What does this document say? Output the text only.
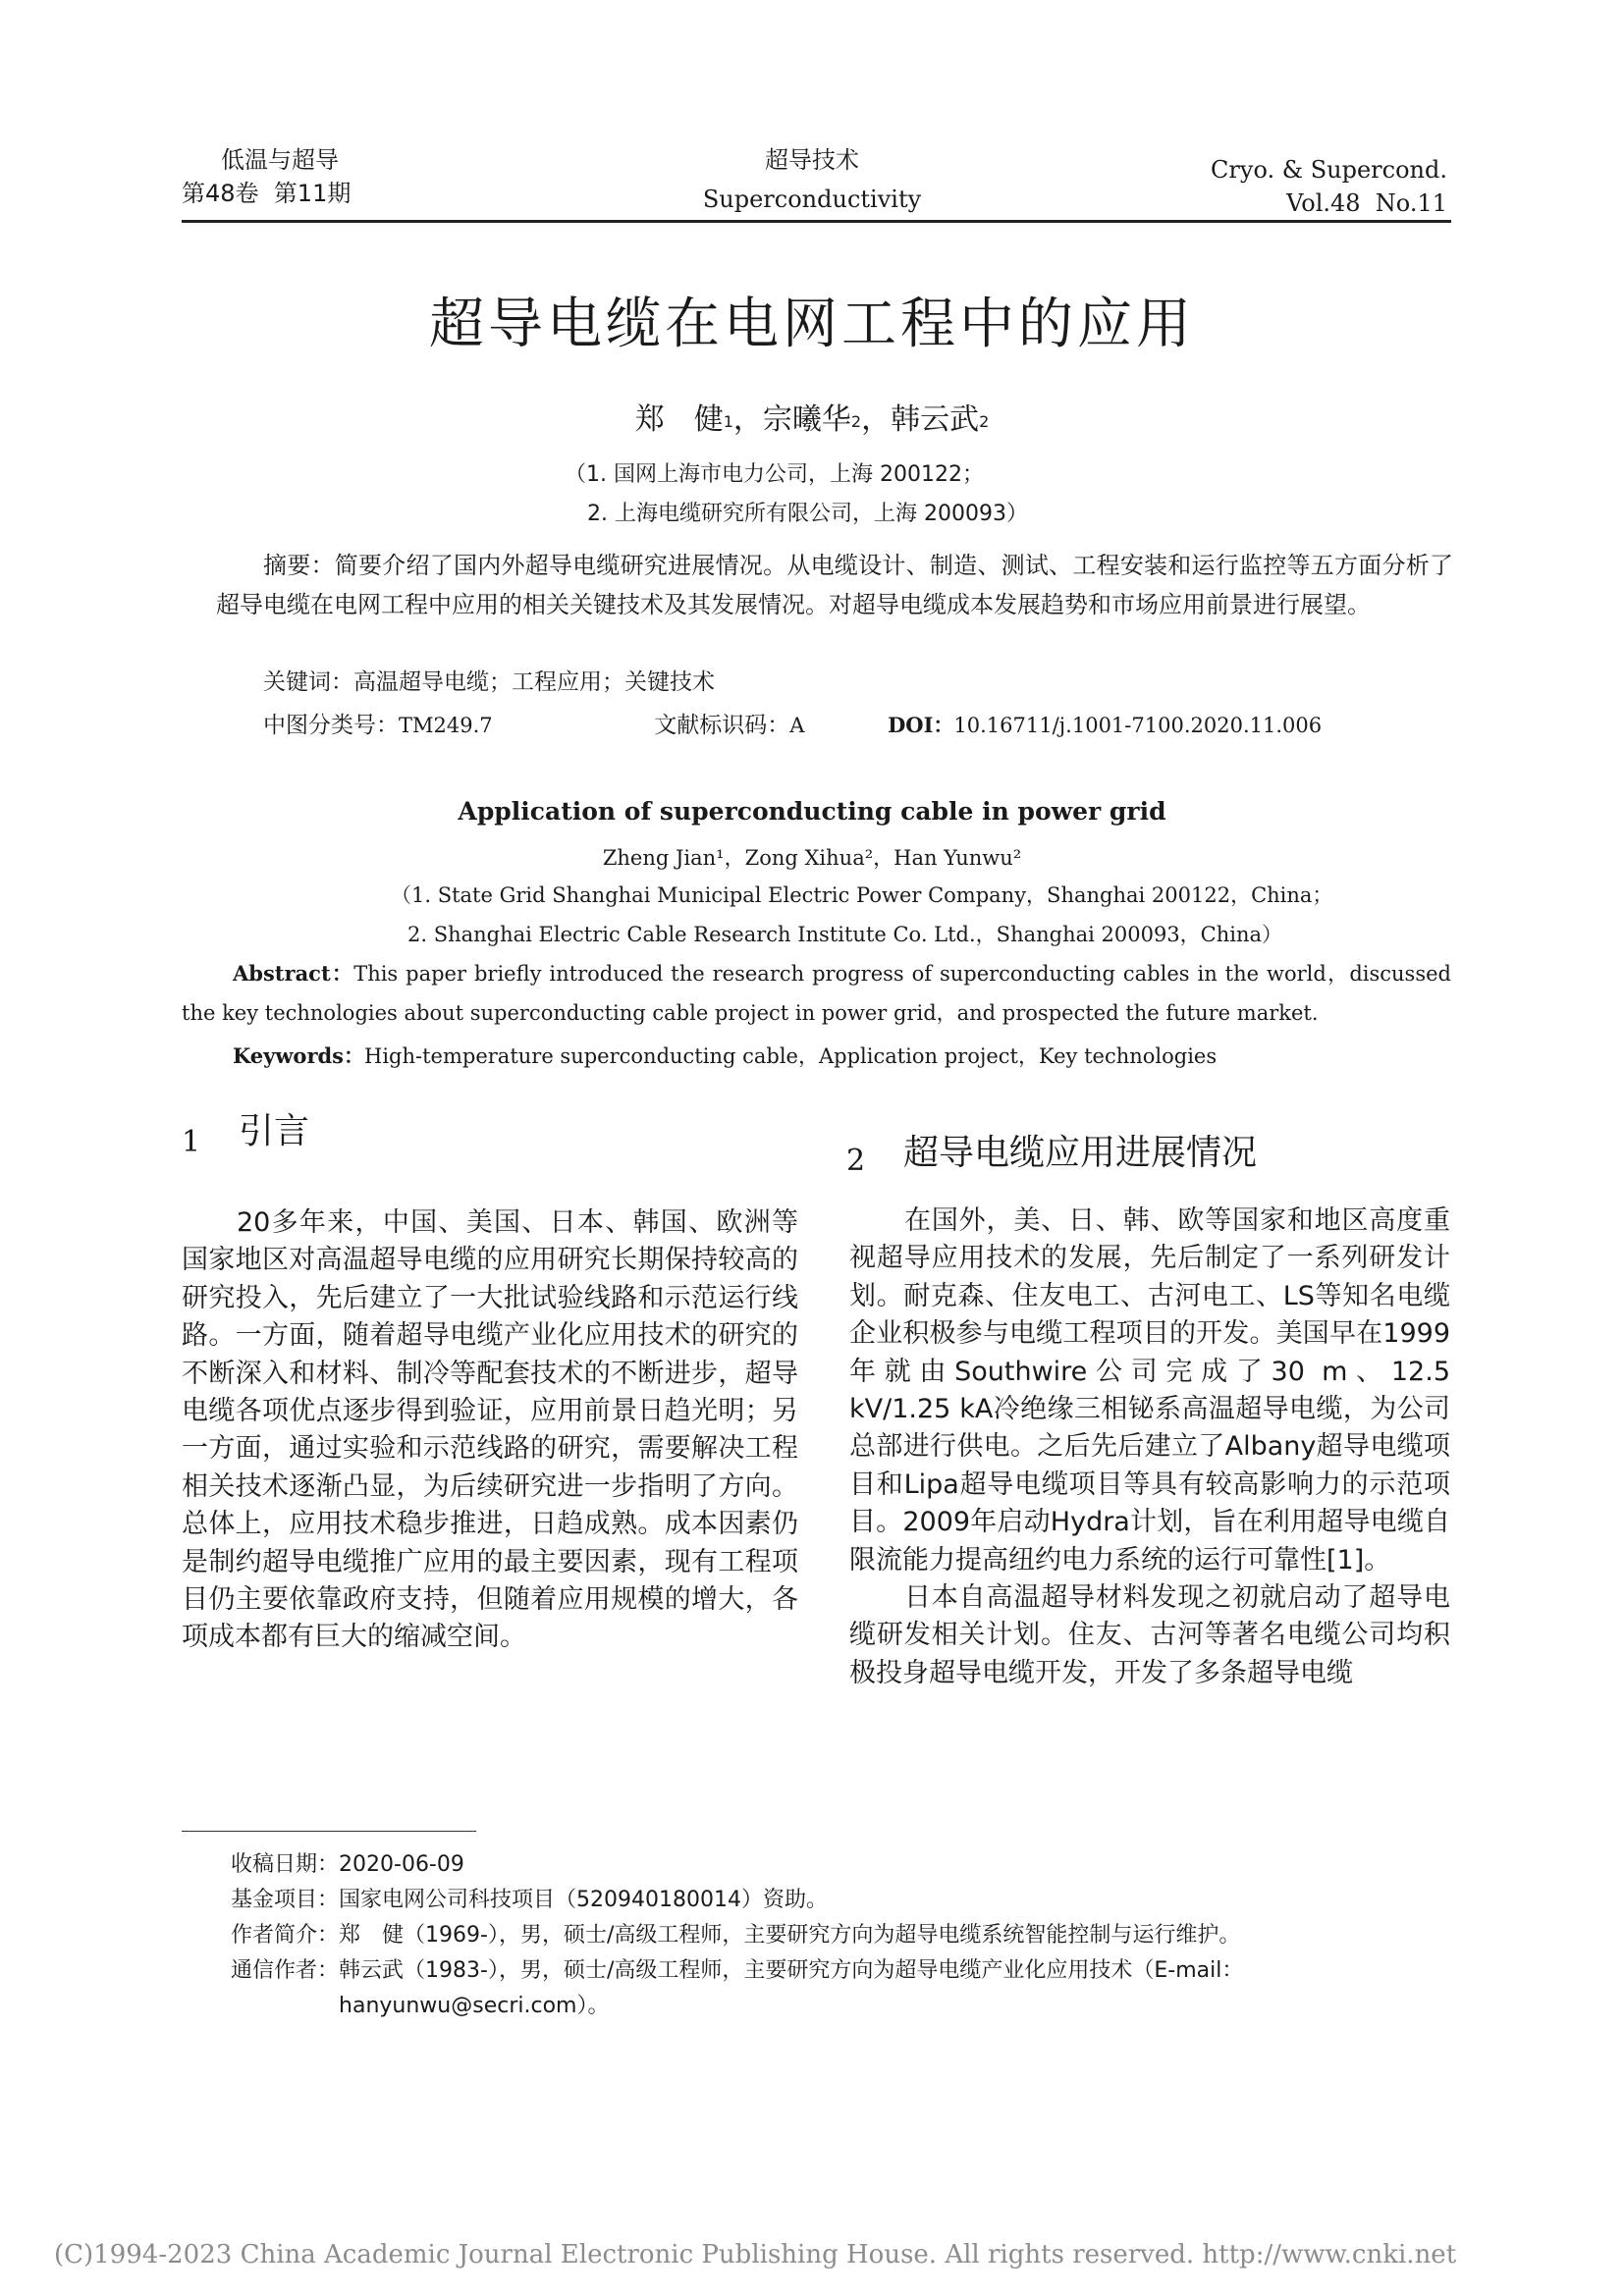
低温与超导
第48卷  第11期
超导技术
Superconductivity
Cryo. & Supercond.
Vol.48  No.11
超导电缆在电网工程中的应用
郑　健$^1$，宗曦华$^2$，韩云武$^2$
（1. 国网上海市电力公司，上海 200122；
2. 上海电缆研究所有限公司，上海 200093）

摘要：简要介绍了国内外超导电缆研究进展情况。从电缆设计、制造、测试、工程安装和运行监控等五方面分析了超导电缆在电网工程中应用的相关关键技术及其发展情况。对超导电缆成本发展趋势和市场应用前景进行展望。

关键词：高温超导电缆；工程应用；关键技术
中图分类号：TM249.7	文献标识码：A	DOI：10.16711/j.1001-7100.2020.11.006
Application of superconducting cable in power grid
Zheng Jian¹，Zong Xihua²，Han Yunwu²
（1. State Grid Shanghai Municipal Electric Power Company，Shanghai 200122，China；
2. Shanghai Electric Cable Research Institute Co. Ltd.，Shanghai 200093，China）

Abstract：This paper briefly introduced the research progress of superconducting cables in the world，discussed the key technologies about superconducting cable project in power grid，and prospected the future market.

Keywords：High-temperature superconducting cable，Application project，Key technologies

1 引言

20多年来，中国、美国、日本、韩国、欧洲等国家地区对高温超导电缆的应用研究长期保持较高的研究投入，先后建立了一大批试验线路和示范运行线路。一方面，随着超导电缆产业化应用技术的研究的不断深入和材料、制冷等配套技术的不断进步，超导电缆各项优点逐步得到验证，应用前景日趋光明；另一方面，通过实验和示范线路的研究，需要解决工程相关技术逐渐凸显，为后续研究进一步指明了方向。总体上，应用技术稳步推进，日趋成熟。成本因素仍是制约超导电缆推广应用的最主要因素，现有工程项目仍主要依靠政府支持，但随着应用规模的增大，各项成本都有巨大的缩减空间。

2 超导电缆应用进展情况

在国外，美、日、韩、欧等国家和地区高度重视超导应用技术的发展，先后制定了一系列研发计划。耐克森、住友电工、古河电工、LS等知名电缆企业积极参与电缆工程项目的开发。美国早在1999年就由Southwire公司完成了30 m、12.5 kV/1.25 kA冷绝缘三相铋系高温超导电缆，为公司总部进行供电。之后先后建立了Albany超导电缆项目和Lipa超导电缆项目等具有较高影响力的示范项目。2009年启动Hydra计划，旨在利用超导电缆自限流能力提高纽约电力系统的运行可靠性[1]。

日本自高温超导材料发现之初就启动了超导电缆研发相关计划。住友、古河等著名电缆公司均积极投身超导电缆开发，开发了多条超导电缆

收稿日期： 2020-06-09
基金项目： 国家电网公司科技项目（520940180014）资助。
作者简介： 郑　健（1969-），男，硕士/高级工程师，主要研究方向为超导电缆系统智能控制与运行维护。
通信作者： 韩云武（1983-），男，硕士/高级工程师，主要研究方向为超导电缆产业化应用技术（E-mail：hanyunwu@secri.com）。
(C)1994-2023 China Academic Journal Electronic Publishing House. All rights reserved. http://www.cnki.net
